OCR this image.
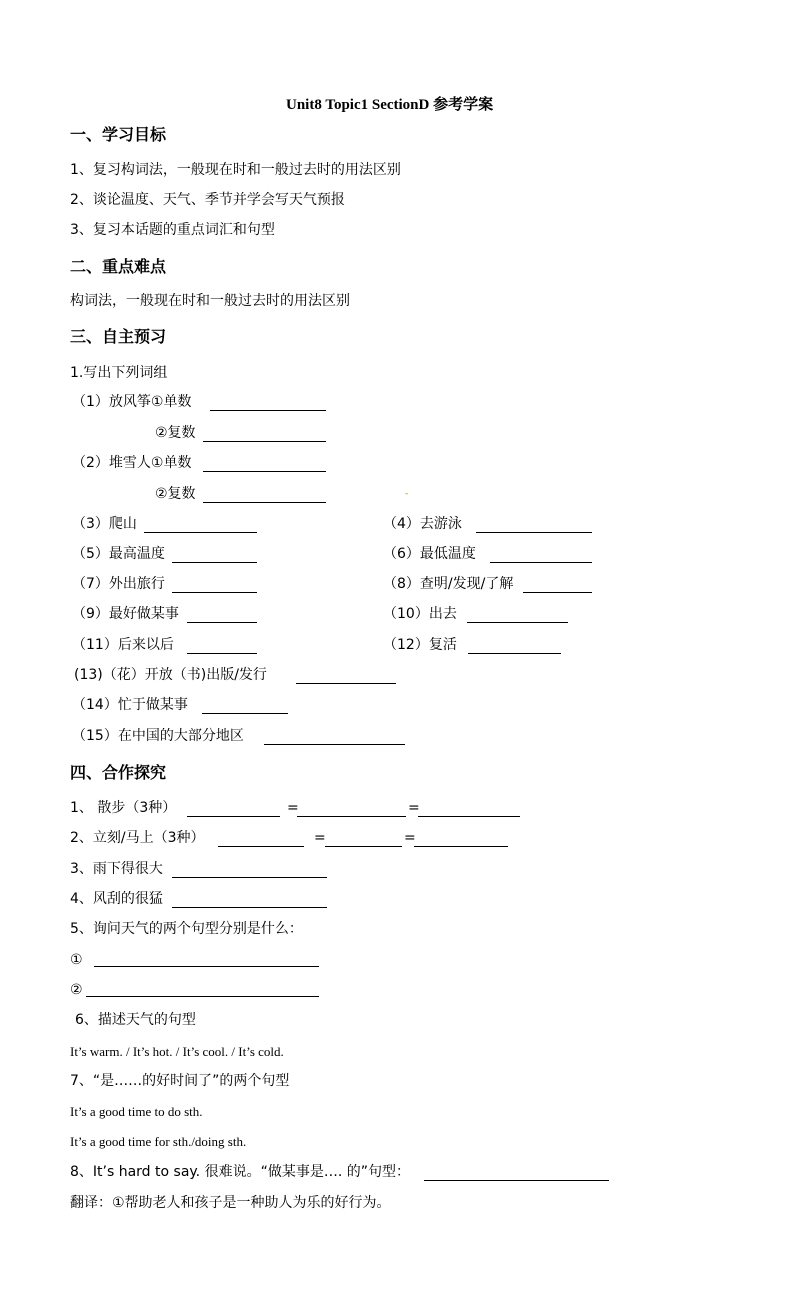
Unit8 Topic1 SectionD 参考学案
一、学习目标
1、复习构词法，一般现在时和一般过去时的用法区别
2、谈论温度、天气、季节并学会写天气预报
3、复习本话题的重点词汇和句型
二、重点难点
构词法，一般现在时和一般过去时的用法区别
三、自主预习
1.写出下列词组
（1）放风筝①单数
②复数
（2）堆雪人①单数
②复数	-
（3）爬山	（4）去游泳
（5）最高温度	（6）最低温度
（7）外出旅行	（8）查明/发现/了解
（9）最好做某事	（10）出去
（11）后来以后	（12）复活
(13)（花）开放（书)出版/发行
（14）忙于做某事
（15）在中国的大部分地区
四、合作探究
1、 散步（3种）	=	=
2、立刻/马上（3种）	=	=
3、雨下得很大
4、风刮的很猛
5、询问天气的两个句型分别是什么：
①
②
6、描述天气的句型
It’s warm. / It’s hot. / It’s cool. / It’s cold.
7、“是……的好时间了”的两个句型
It’s a good time to do sth.
It’s a good time for sth./doing sth.
8、It’s hard to say. 很难说。“做某事是…. 的”句型：
翻译：①帮助老人和孩子是一种助人为乐的好行为。
